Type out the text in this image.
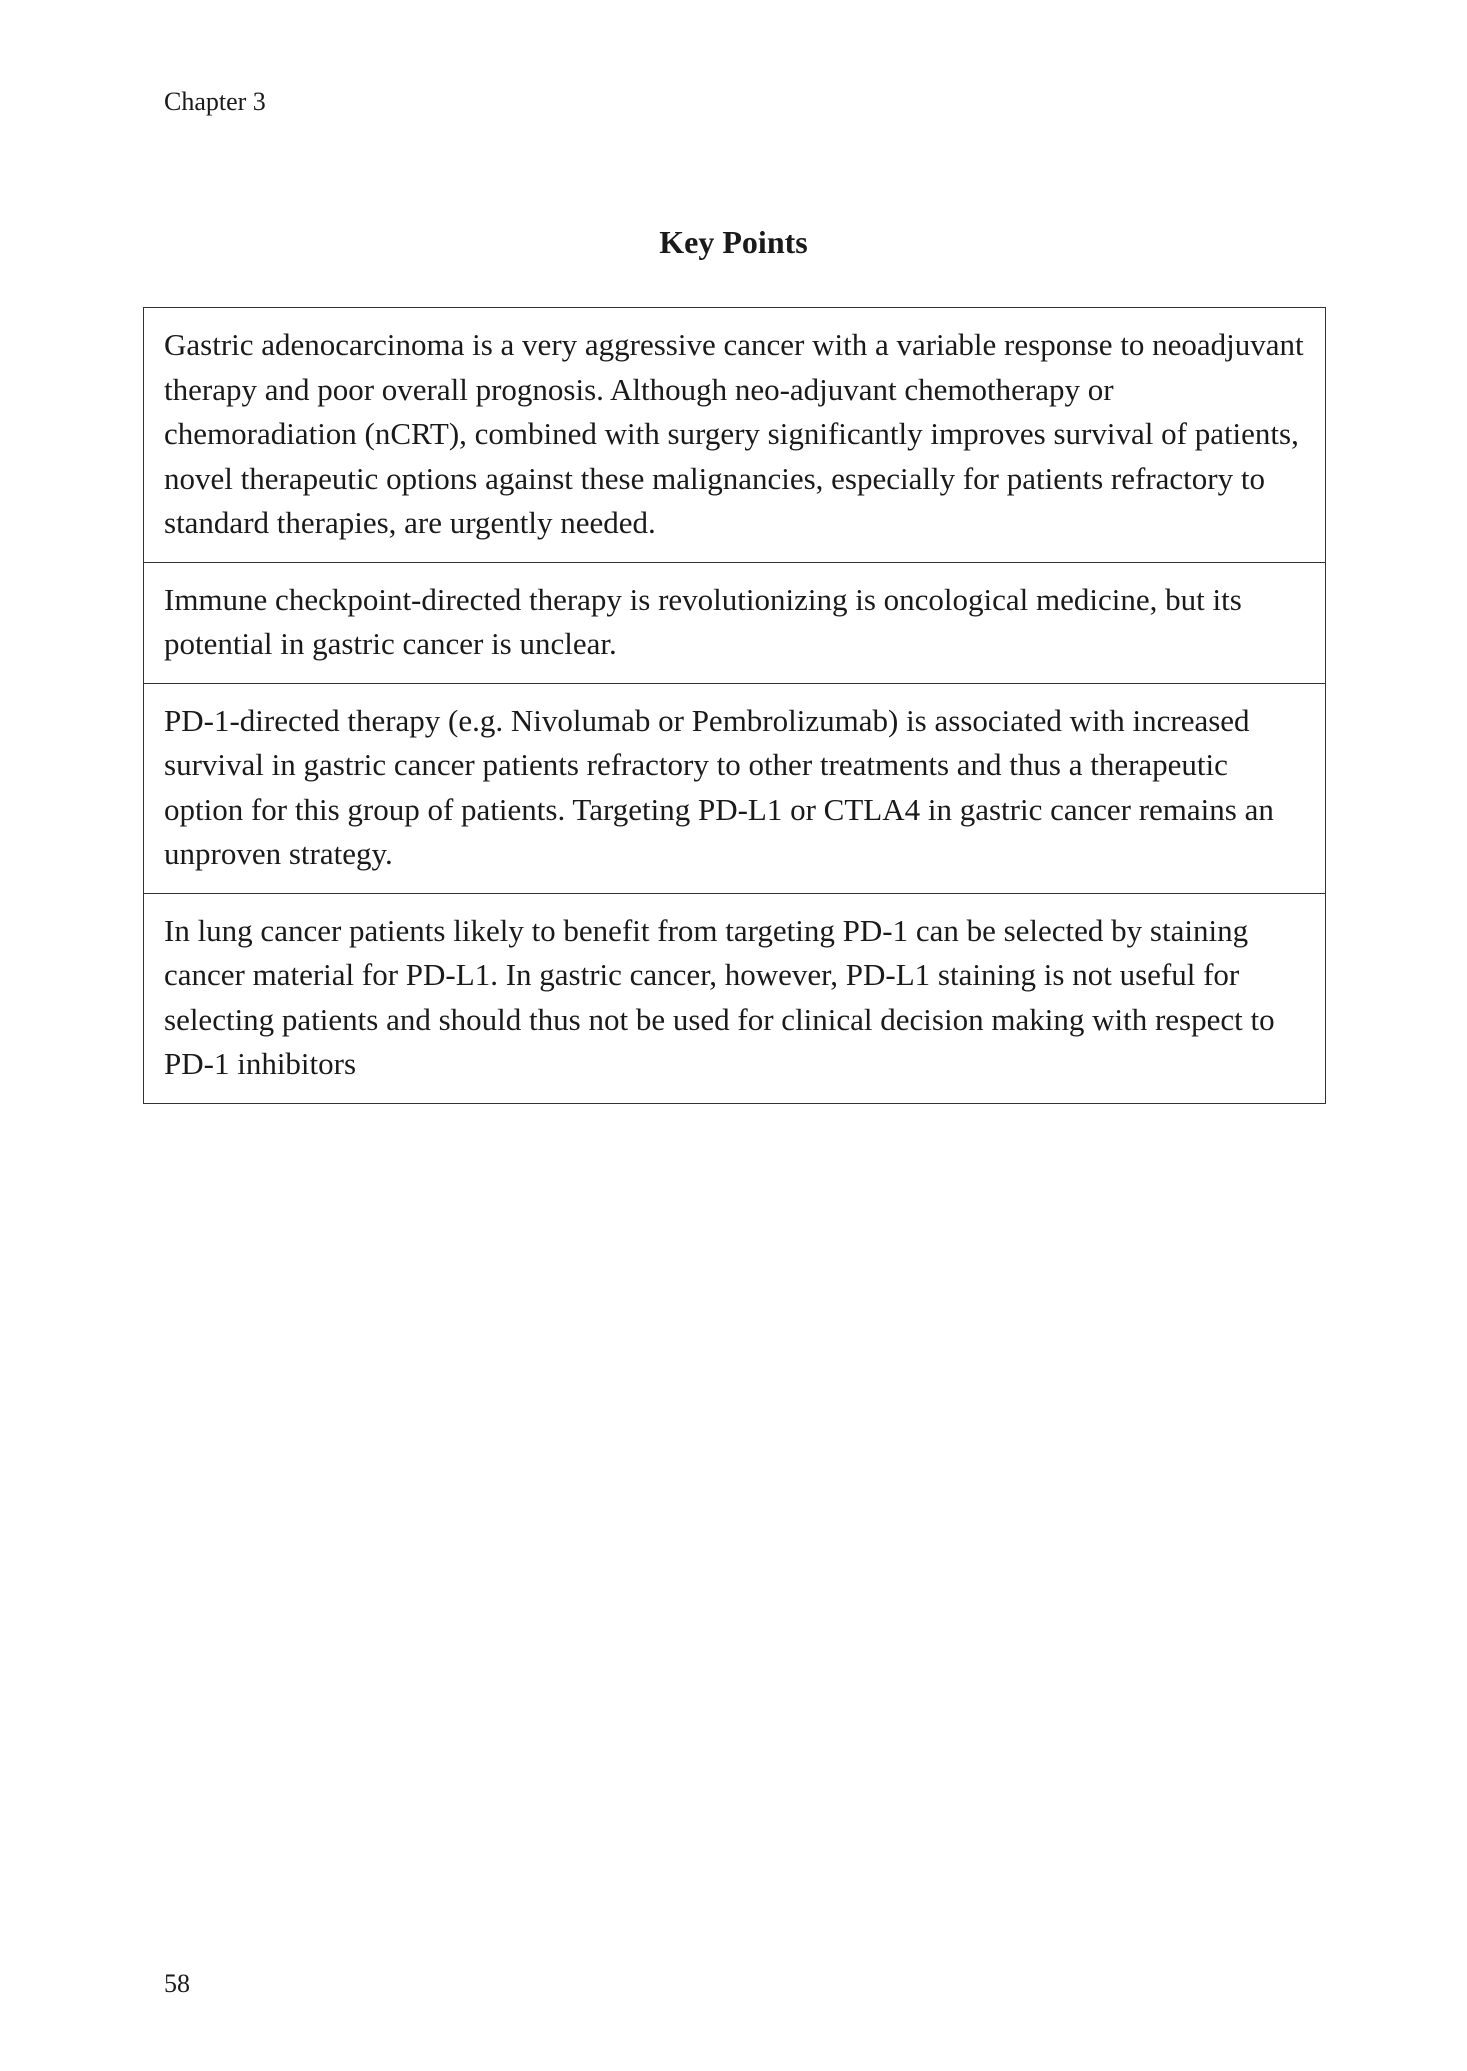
Chapter 3
Key Points
Gastric adenocarcinoma is a very aggressive cancer with a variable response to neoadjuvant therapy and poor overall prognosis. Although neo-adjuvant chemotherapy or chemoradiation (nCRT), combined with surgery significantly improves survival of patients, novel therapeutic options against these malignancies, especially for patients refractory to standard therapies, are urgently needed.
Immune checkpoint-directed therapy is revolutionizing is oncological medicine, but its potential in gastric cancer is unclear.
PD-1-directed therapy (e.g. Nivolumab or Pembrolizumab) is associated with increased survival in gastric cancer patients refractory to other treatments and thus a therapeutic option for this group of patients. Targeting PD-L1 or CTLA4 in gastric cancer remains an unproven strategy.
In lung cancer patients likely to benefit from targeting PD-1 can be selected by staining cancer material for PD-L1. In gastric cancer, however, PD-L1 staining is not useful for selecting patients and should thus not be used for clinical decision making with respect to PD-1 inhibitors
58
